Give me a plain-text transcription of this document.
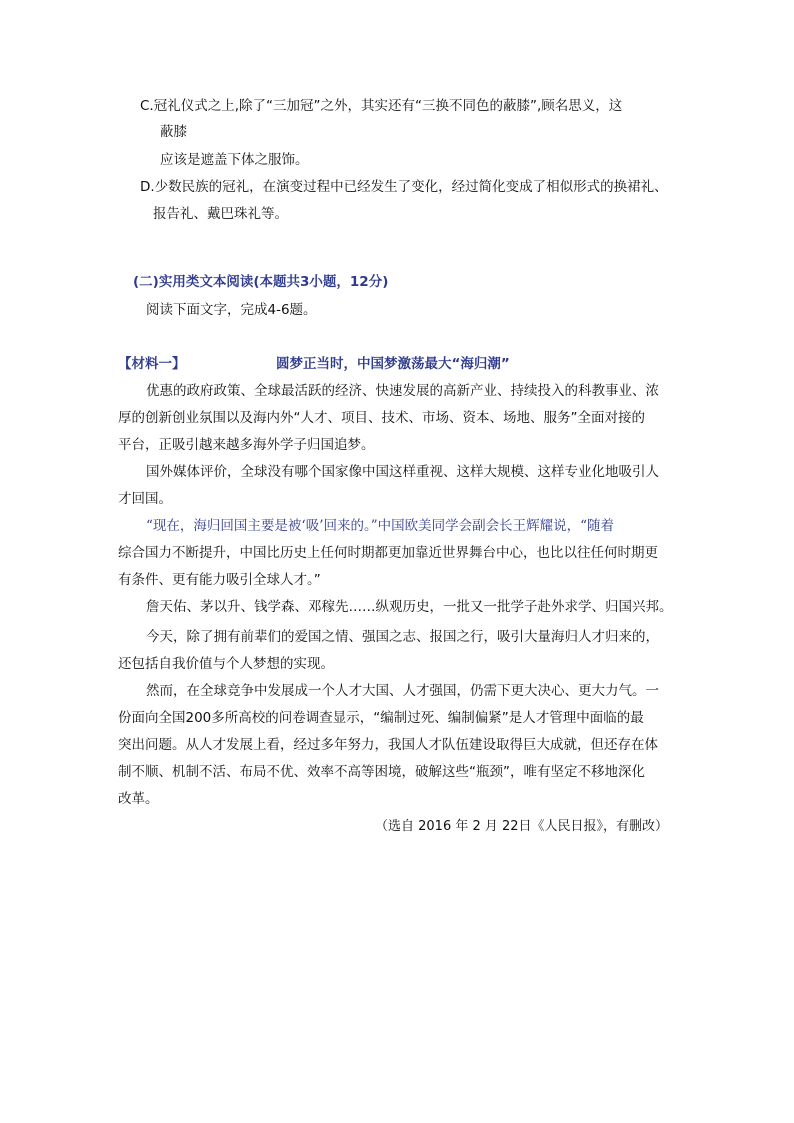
C.冠礼仪式之上,除了“三加冠”之外，其实还有“三换不同色的蔽膝”,顾名思义，这
蔽膝
应该是遮盖下体之服饰。
D.少数民族的冠礼，在演变过程中已经发生了变化，经过简化变成了相似形式的换裙礼、
报告礼、戴巴珠礼等。
(二)实用类文本阅读(本题共3小题，12分)
阅读下面文字，完成4-6题。
【材料一】	圆梦正当时，中国梦激荡最大“海归潮”
优惠的政府政策、全球最活跃的经济、快速发展的高新产业、持续投入的科教事业、浓
厚的创新创业氛围以及海内外“人才、项目、技术、市场、资本、场地、服务”全面对接的
平台，正吸引越来越多海外学子归国追梦。
国外媒体评价，全球没有哪个国家像中国这样重视、这样大规模、这样专业化地吸引人
才回国。
“现在，海归回国主要是被‘吸’回来的。”中国欧美同学会副会长王辉耀说，“随着
综合国力不断提升，中国比历史上任何时期都更加靠近世界舞台中心，也比以往任何时期更
有条件、更有能力吸引全球人才。”
詹天佑、茅以升、钱学森、邓稼先……纵观历史，一批又一批学子赴外求学、归国兴邦。
今天，除了拥有前辈们的爱国之情、强国之志、报国之行，吸引大量海归人才归来的，
还包括自我价值与个人梦想的实现。
然而，在全球竞争中发展成一个人才大国、人才强国，仍需下更大决心、更大力气。一
份面向全国200多所高校的问卷调查显示，“编制过死、编制偏紧”是人才管理中面临的最
突出问题。从人才发展上看，经过多年努力，我国人才队伍建设取得巨大成就，但还存在体
制不顺、机制不活、布局不优、效率不高等困境，破解这些“瓶颈”，唯有坚定不移地深化
改革。
（选自 2016 年 2 月 22日《人民日报》，有删改）
